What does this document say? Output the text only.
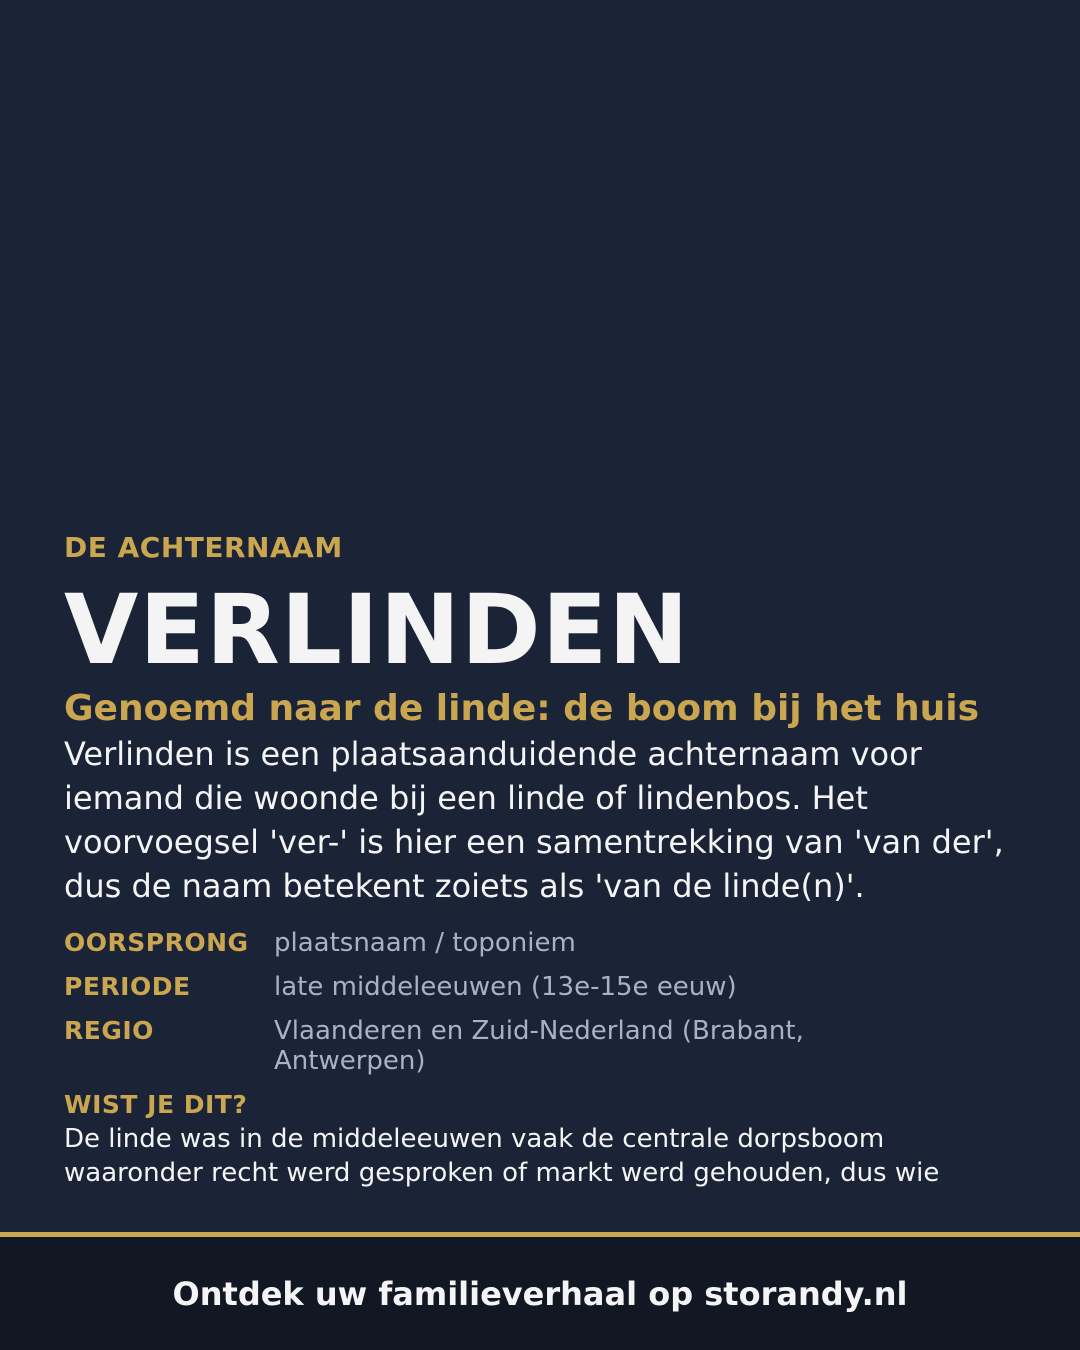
DE ACHTERNAAM
VERLINDEN
Genoemd naar de linde: de boom bij het huis
Verlinden is een plaatsaanduidende achternaam voor iemand die woonde bij een linde of lindenbos. Het voorvoegsel 'ver-' is hier een samentrekking van 'van der', dus de naam betekent zoiets als 'van de linde(n)'.
OORSPRONG plaatsnaam / toponiem
PERIODE	late middeleeuwen (13e-15e eeuw)
REGIO	Vlaanderen en Zuid-Nederland (Brabant, Antwerpen)
WIST JE DIT?
De linde was in de middeleeuwen vaak de centrale dorpsboom waaronder recht werd gesproken of markt werd gehouden, dus wie
Ontdek uw familieverhaal op storandy.nl
